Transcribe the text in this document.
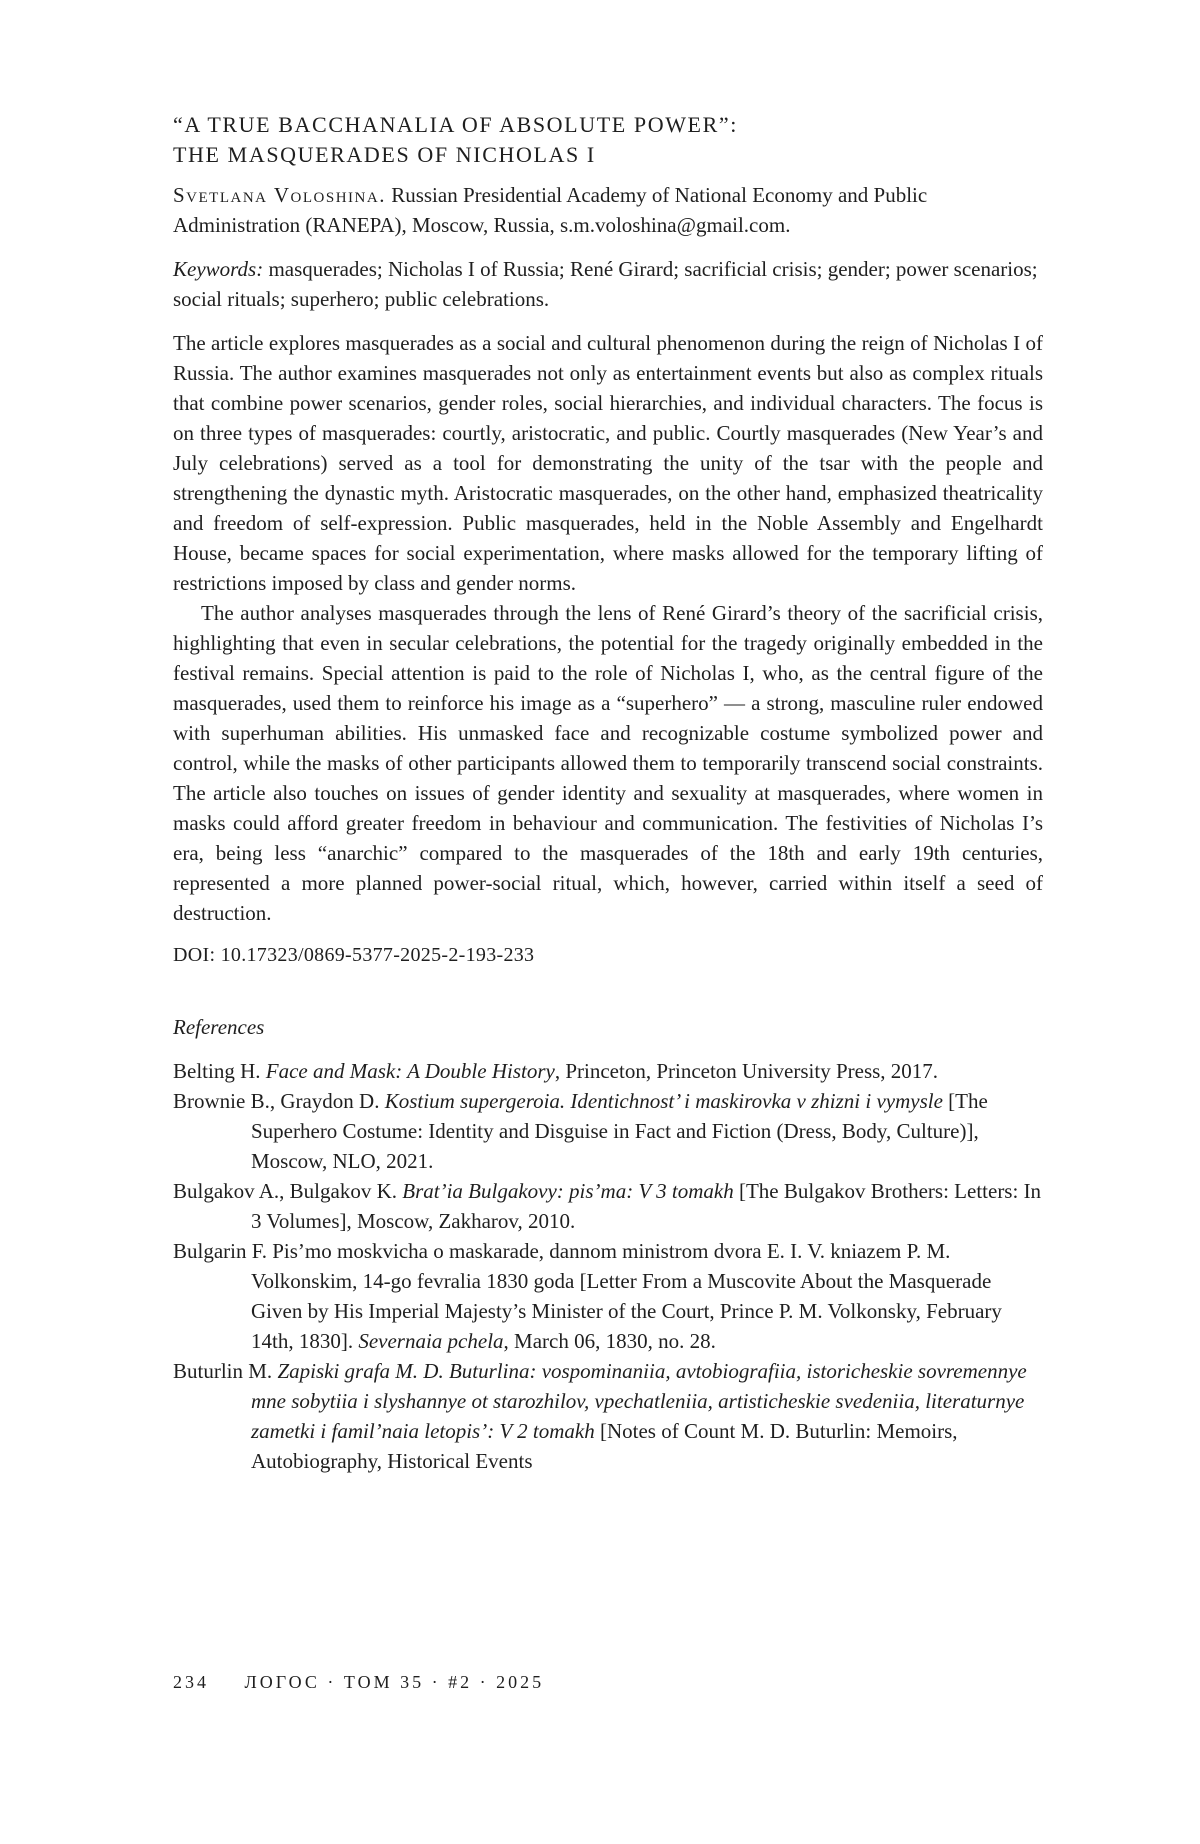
“A TRUE BACCHANALIA OF ABSOLUTE POWER”:
THE MASQUERADES OF NICHOLAS I

Svetlana Voloshina. Russian Presidential Academy of National Economy and Public Administration (RANEPA), Moscow, Russia, s.m.voloshina@gmail.com.

Keywords: masquerades; Nicholas I of Russia; René Girard; sacrificial crisis; gender; power scenarios; social rituals; superhero; public celebrations.

The article explores masquerades as a social and cultural phenomenon during the reign of Nicholas I of Russia. The author examines masquerades not only as entertainment events but also as complex rituals that combine power scenarios, gender roles, social hierarchies, and individual characters. The focus is on three types of masquerades: courtly, aristocratic, and public. Courtly masquerades (New Year’s and July celebrations) served as a tool for demonstrating the unity of the tsar with the people and strengthening the dynastic myth. Aristocratic masquerades, on the other hand, emphasized theatricality and freedom of self-expression. Public masquerades, held in the Noble Assembly and Engelhardt House, became spaces for social experimentation, where masks allowed for the temporary lifting of restrictions imposed by class and gender norms.

The author analyses masquerades through the lens of René Girard’s theory of the sacrificial crisis, highlighting that even in secular celebrations, the potential for the tragedy originally embedded in the festival remains. Special attention is paid to the role of Nicholas I, who, as the central figure of the masquerades, used them to reinforce his image as a “superhero” — a strong, masculine ruler endowed with superhuman abilities. His unmasked face and recognizable costume symbolized power and control, while the masks of other participants allowed them to temporarily transcend social constraints. The article also touches on issues of gender identity and sexuality at masquerades, where women in masks could afford greater freedom in behaviour and communication. The festivities of Nicholas I’s era, being less “anarchic” compared to the masquerades of the 18th and early 19th centuries, represented a more planned power-social ritual, which, however, carried within itself a seed of destruction.

DOI: 10.17323/0869-5377-2025-2-193-233

References

Belting H. Face and Mask: A Double History, Princeton, Princeton University Press, 2017.

Brownie B., Graydon D. Kostium supergeroia. Identichnost’ i maskirovka v zhizni i vymysle [The Superhero Costume: Identity and Disguise in Fact and Fiction (Dress, Body, Culture)], Moscow, NLO, 2021.

Bulgakov A., Bulgakov K. Brat’ia Bulgakovy: pis’ma: V 3 tomakh [The Bulgakov Brothers: Letters: In 3 Volumes], Moscow, Zakharov, 2010.

Bulgarin F. Pis’mo moskvicha o maskarade, dannom ministrom dvora E. I. V. kniazem P. M. Volkonskim, 14-go fevralia 1830 goda [Letter From a Muscovite About the Masquerade Given by His Imperial Majesty’s Minister of the Court, Prince P. M. Volkonsky, February 14th, 1830]. Severnaia pchela, March 06, 1830, no. 28.

Buturlin M. Zapiski grafa M. D. Buturlina: vospominaniia, avtobiografiia, istoricheskie sovremennye mne sobytiia i slyshannye ot starozhilov, vpechatleniia, artisticheskie svedeniia, literaturnye zametki i famil’naia letopis’: V 2 tomakh [Notes of Count M. D. Buturlin: Memoirs, Autobiography, Historical Events

234 ЛОГОС · ТОМ 35 · #2 · 2025
